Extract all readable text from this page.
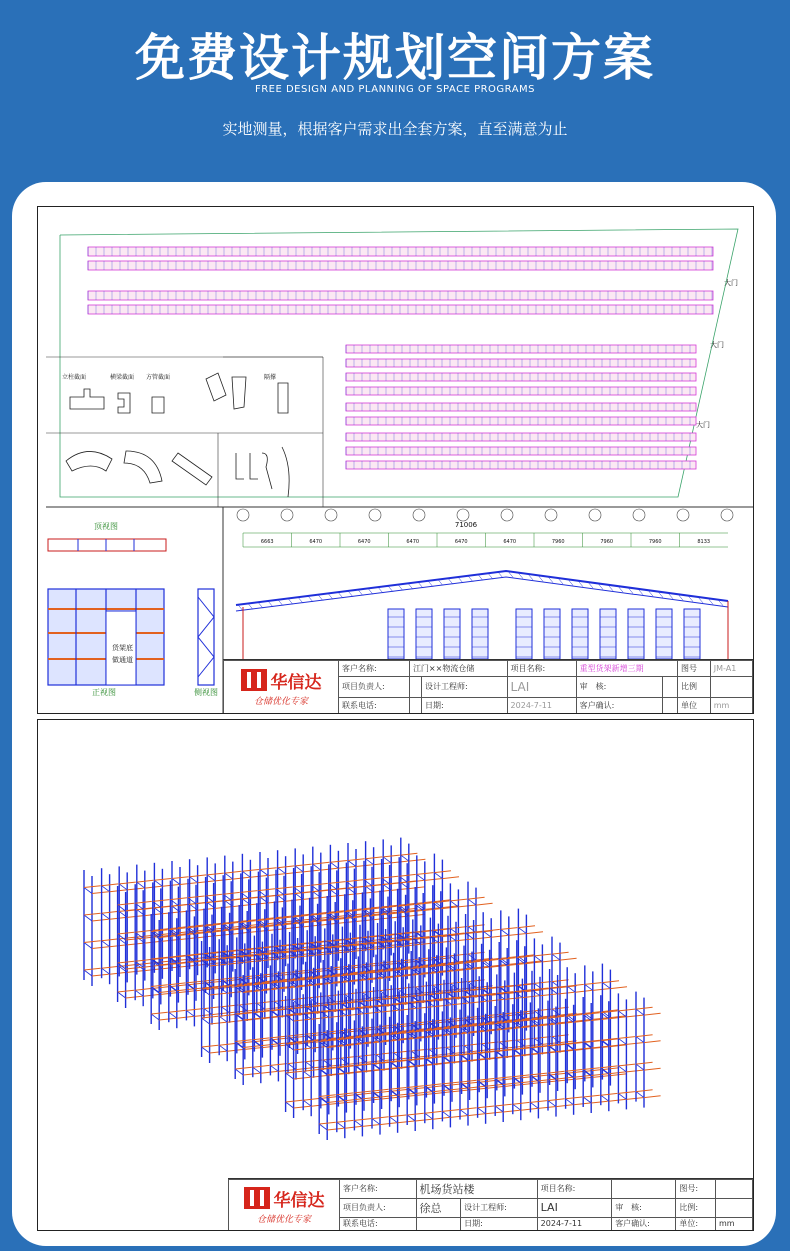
免费设计规划空间方案
FREE DESIGN AND PLANNING OF SPACE PROGRAMS
实地测量，根据客户需求出全套方案，直至满意为止
立柱截面	横梁截面 方管截面	隔撑
大门
大门
大门
顶视图
货架底
做通道
正视图	侧视图
71006
6663	6470	6470	6470	6470	6470	7960	7960	7960	8133
华信达
仓储优化专家	客户名称:	江门××物流仓储		项目名称:	重型货架新增三期		图号	JM-A1
	项目负责人:		设计工程师:	LAI	审　核:		比例	
	联系电话:		日期:	2024-7-11	客户确认:		单位	mm
华信达
仓储优化专家	客户名称:	机场货站楼		项目名称:		图号:	
	项目负责人:	徐总	设计工程师:	LAI	审　核:	比例:	
	联系电话:		日期:	2024-7-11	客户确认:	单位:	mm
